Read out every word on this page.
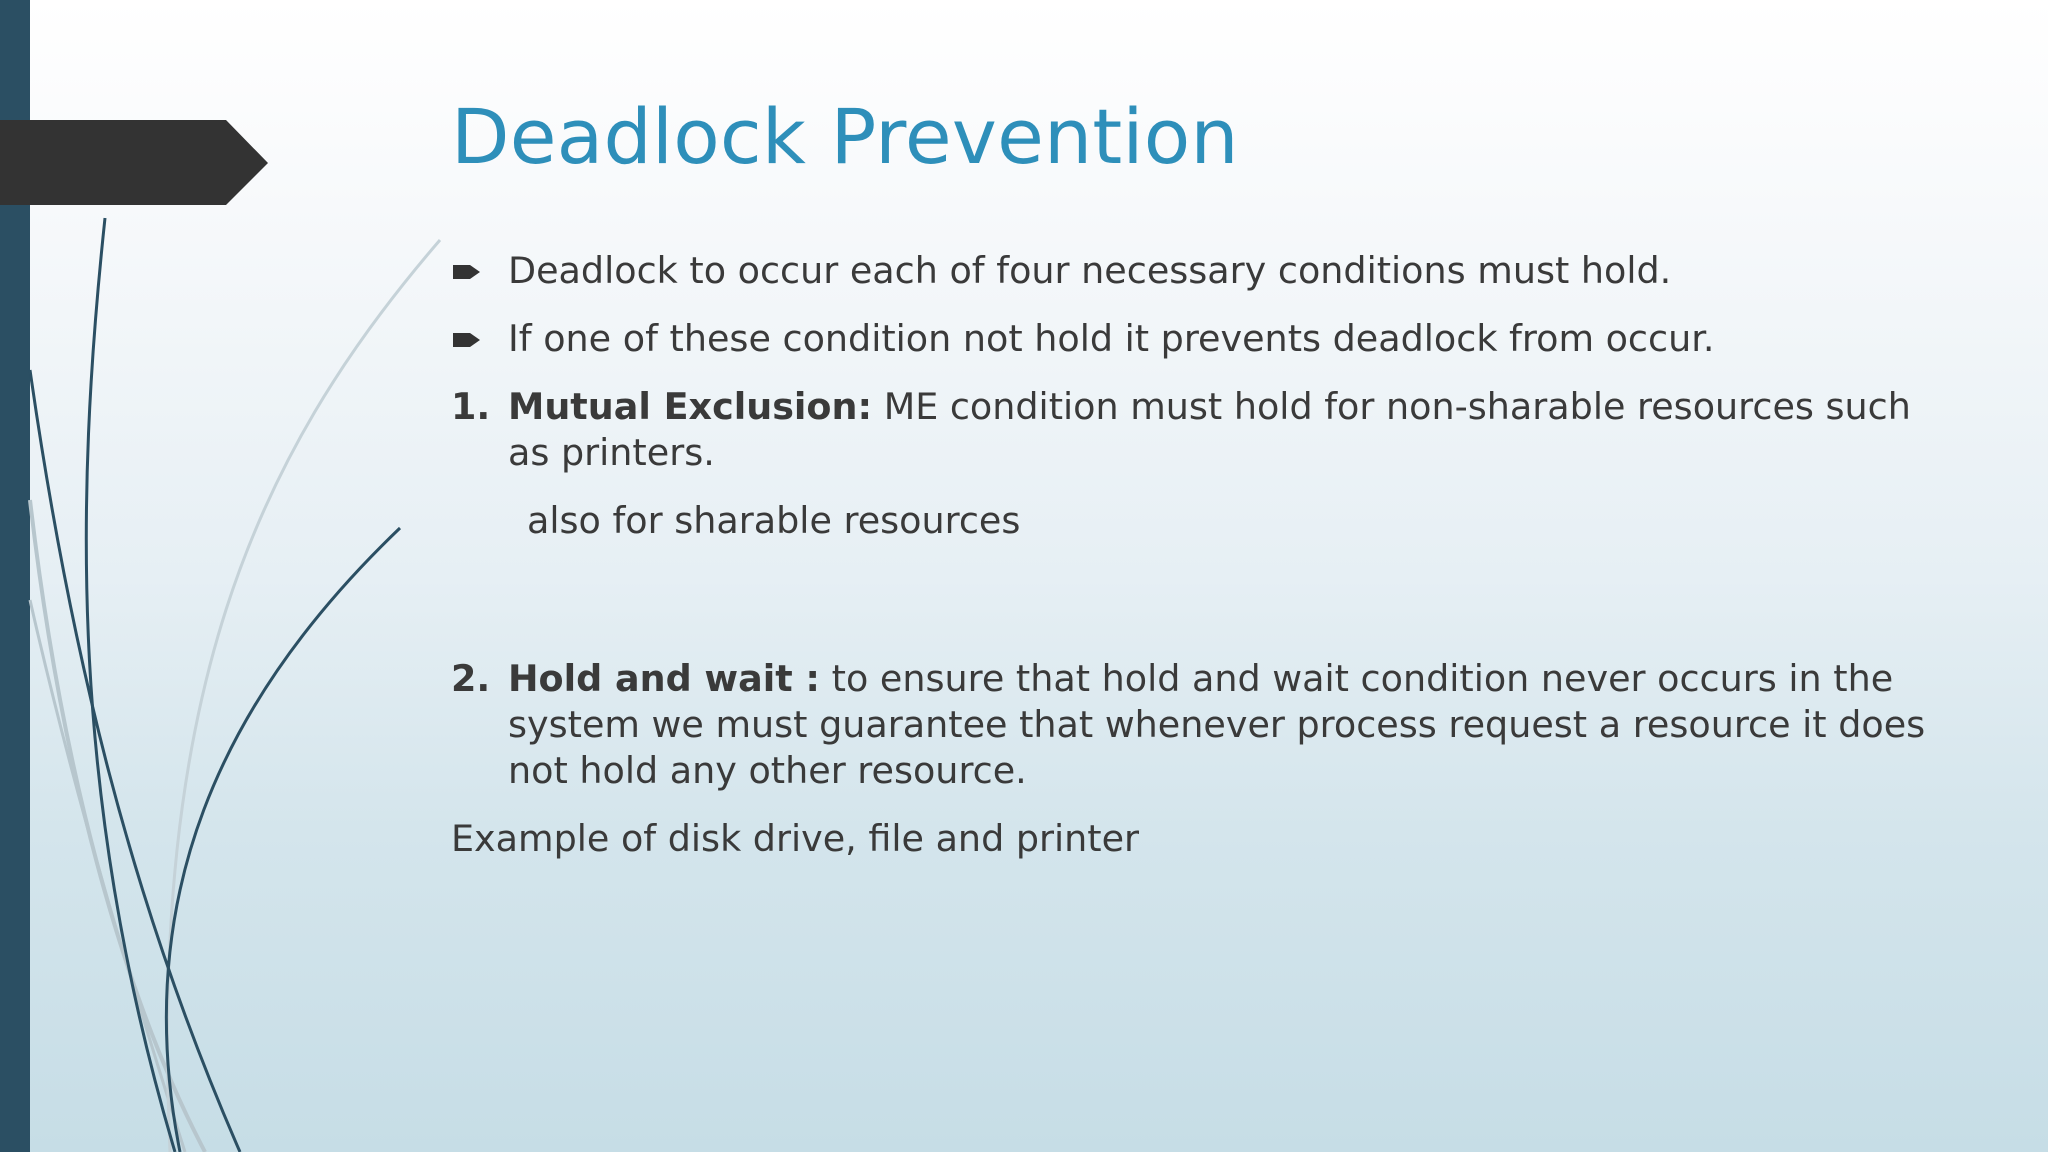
Deadlock Prevention
Deadlock to occur each of four necessary conditions must hold.
If one of these condition not hold it prevents deadlock from occur.
1. Mutual Exclusion: ME condition must hold for non-sharable resources such as printers.
also for sharable resources
2. Hold and wait : to ensure that hold and wait condition never occurs in the system we must guarantee that whenever process request a resource it does not hold any other resource.

Example of disk drive, file and printer
